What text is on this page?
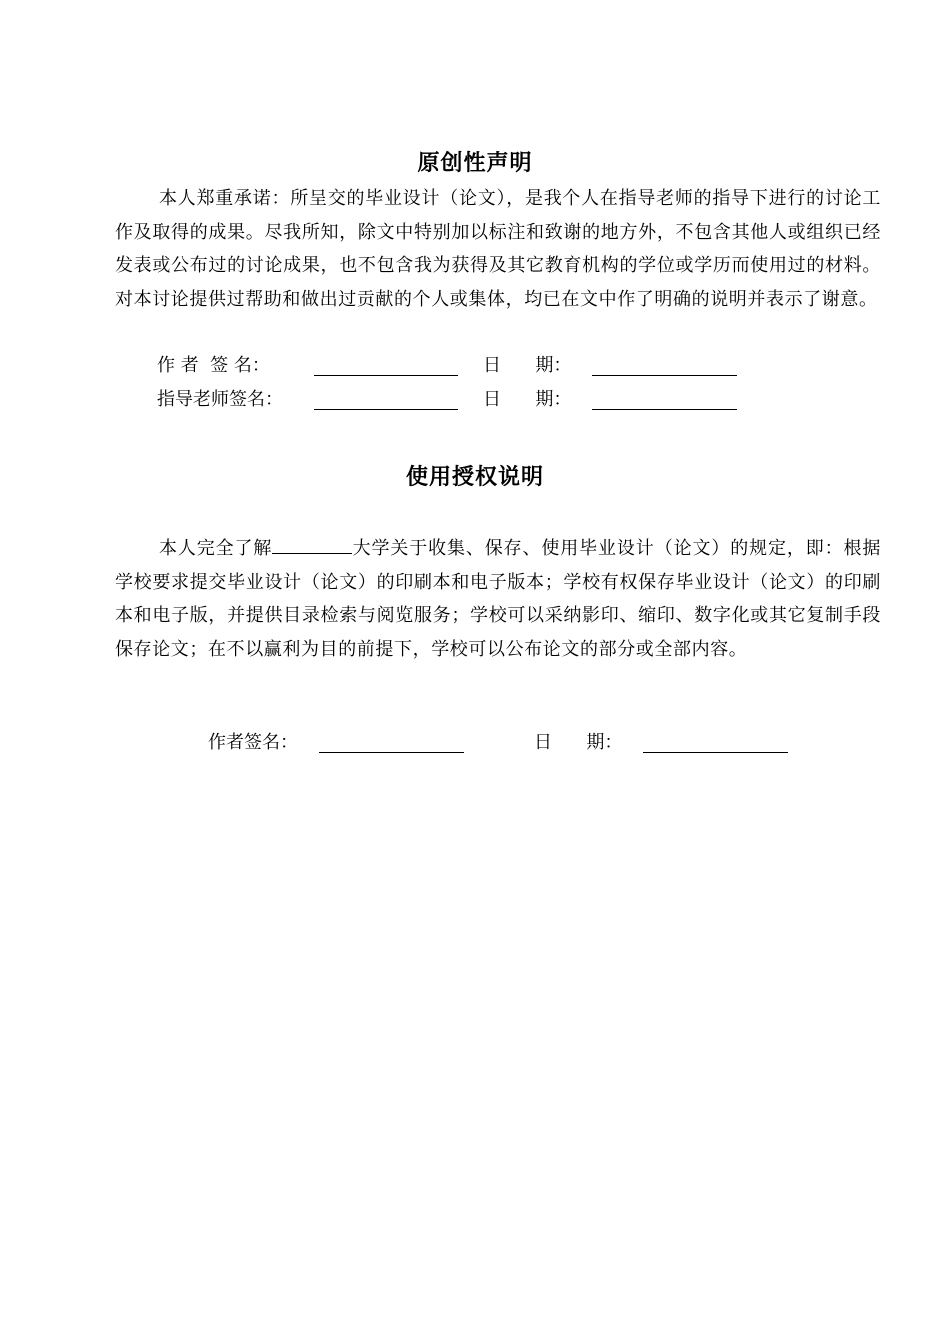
原创性声明
本人郑重承诺：所呈交的毕业设计（论文），是我个人在指导老师的指导下进行的讨论工作及取得的成果。尽我所知，除文中特别加以标注和致谢的地方外，不包含其他人或组织已经发表或公布过的讨论成果，也不包含我为获得及其它教育机构的学位或学历而使用过的材料。对本讨论提供过帮助和做出过贡献的个人或集体，均已在文中作了明确的说明并表示了谢意。
作 者  签 名：	日      期：
指导老师签名：	日      期：
使用授权说明
本人完全了解	大学关于收集、保存、使用毕业设计（论文）的规定，即：根据学校要求提交毕业设计（论文）的印刷本和电子版本；学校有权保存毕业设计（论文）的印刷本和电子版，并提供目录检索与阅览服务；学校可以采纳影印、缩印、数字化或其它复制手段保存论文；在不以赢利为目的前提下，学校可以公布论文的部分或全部内容。
作者签名：	日      期：
